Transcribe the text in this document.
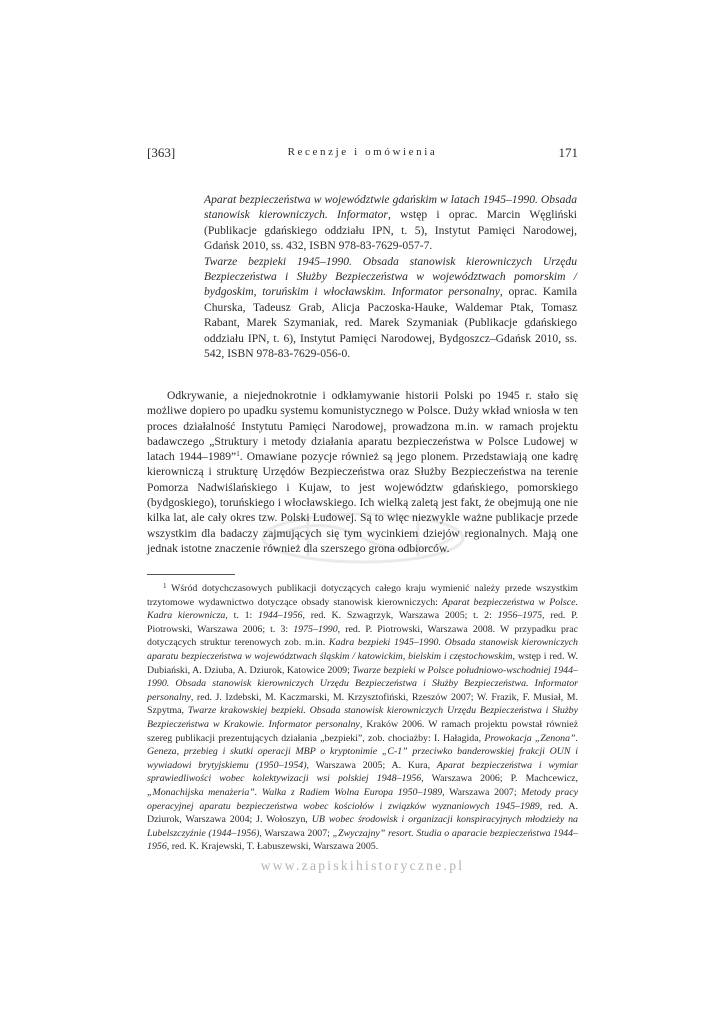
[363]	Recenzje i omówienia	171
Aparat bezpieczeństwa w województwie gdańskim w latach 1945–1990. Obsada stanowisk kierowniczych. Informator, wstęp i oprac. Marcin Węgliński (Publikacje gdańskiego oddziału IPN, t. 5), Instytut Pamięci Narodowej, Gdańsk 2010, ss. 432, ISBN 978-83-7629-057-7.
Twarze bezpieki 1945–1990. Obsada stanowisk kierowniczych Urzędu Bezpieczeństwa i Służby Bezpieczeństwa w województwach pomorskim / bydgoskim, toruńskim i włocławskim. Informator personalny, oprac. Kamila Churska, Tadeusz Grab, Alicja Paczoska-Hauke, Waldemar Ptak, Tomasz Rabant, Marek Szymaniak, red. Marek Szymaniak (Publikacje gdańskiego oddziału IPN, t. 6), Instytut Pamięci Narodowej, Bydgoszcz–Gdańsk 2010, ss. 542, ISBN 978-83-7629-056-0.

Odkrywanie, a niejednokrotnie i odkłamywanie historii Polski po 1945 r. stało się możliwe dopiero po upadku systemu komunistycznego w Polsce. Duży wkład wniosła w ten proces działalność Instytutu Pamięci Narodowej, prowadzona m.in. w ramach projektu badawczego „Struktury i metody działania aparatu bezpieczeństwa w Polsce Ludowej w latach 1944–1989”$^1$. Omawiane pozycje również są jego plonem. Przedstawiają one kadrę kierowniczą i strukturę Urzędów Bezpieczeństwa oraz Służby Bezpieczeństwa na terenie Pomorza Nadwiślańskiego i Kujaw, to jest województw gdańskiego, pomorskiego (bydgoskiego), toruńskiego i włocławskiego. Ich wielką zaletą jest fakt, że obejmują one nie kilka lat, ale cały okres tzw. Polski Ludowej. Są to więc niezwykle ważne publikacje przede wszystkim dla badaczy zajmujących się tym wycinkiem dziejów regionalnych. Mają one jednak istotne znaczenie również dla szerszego grona odbiorców.

$^1$ Wśród dotychczasowych publikacji dotyczących całego kraju wymienić należy przede wszystkim trzytomowe wydawnictwo dotyczące obsady stanowisk kierowniczych: Aparat bezpieczeństwa w Polsce. Kadra kierownicza, t. 1: 1944–1956, red. K. Szwagrzyk, Warszawa 2005; t. 2: 1956–1975, red. P. Piotrowski, Warszawa 2006; t. 3: 1975–1990, red. P. Piotrowski, Warszawa 2008. W przypadku prac dotyczących struktur terenowych zob. m.in. Kadra bezpieki 1945–1990. Obsada stanowisk kierowniczych aparatu bezpieczeństwa w województwach śląskim / katowickim, bielskim i częstochowskim, wstęp i red. W. Dubiański, A. Dziuba, A. Dziurok, Katowice 2009; Twarze bezpieki w Polsce południowo-wschodniej 1944–1990. Obsada stanowisk kierowniczych Urzędu Bezpieczeństwa i Służby Bezpieczeństwa. Informator personalny, red. J. Izdebski, M. Kaczmarski, M. Krzysztofiński, Rzeszów 2007; W. Frazik, F. Musiał, M. Szpytma, Twarze krakowskiej bezpieki. Obsada stanowisk kierowniczych Urzędu Bezpieczeństwa i Służby Bezpieczeństwa w Krakowie. Informator personalny, Kraków 2006. W ramach projektu powstał również szereg publikacji prezentujących działania „bezpieki”, zob. chociażby: I. Hałagida, Prowokacja „Zenona”. Geneza, przebieg i skutki operacji MBP o kryptonimie „C-1” przeciwko banderowskiej frakcji OUN i wywiadowi brytyjskiemu (1950–1954), Warszawa 2005; A. Kura, Aparat bezpieczeństwa i wymiar sprawiedliwości wobec kolektywizacji wsi polskiej 1948–1956, Warszawa 2006; P. Machcewicz, „Monachijska menażeria”. Walka z Radiem Wolna Europa 1950–1989, Warszawa 2007; Metody pracy operacyjnej aparatu bezpieczeństwa wobec kościołów i związków wyznaniowych 1945–1989, red. A. Dziurok, Warszawa 2004; J. Wołoszyn, UB wobec środowisk i organizacji konspiracyjnych młodzieży na Lubelszczyźnie (1944–1956), Warszawa 2007; „Zwyczajny” resort. Studia o aparacie bezpieczeństwa 1944–1956, red. K. Krajewski, T. Łabuszewski, Warszawa 2005.

www.zapiskihistoryczne.pl
